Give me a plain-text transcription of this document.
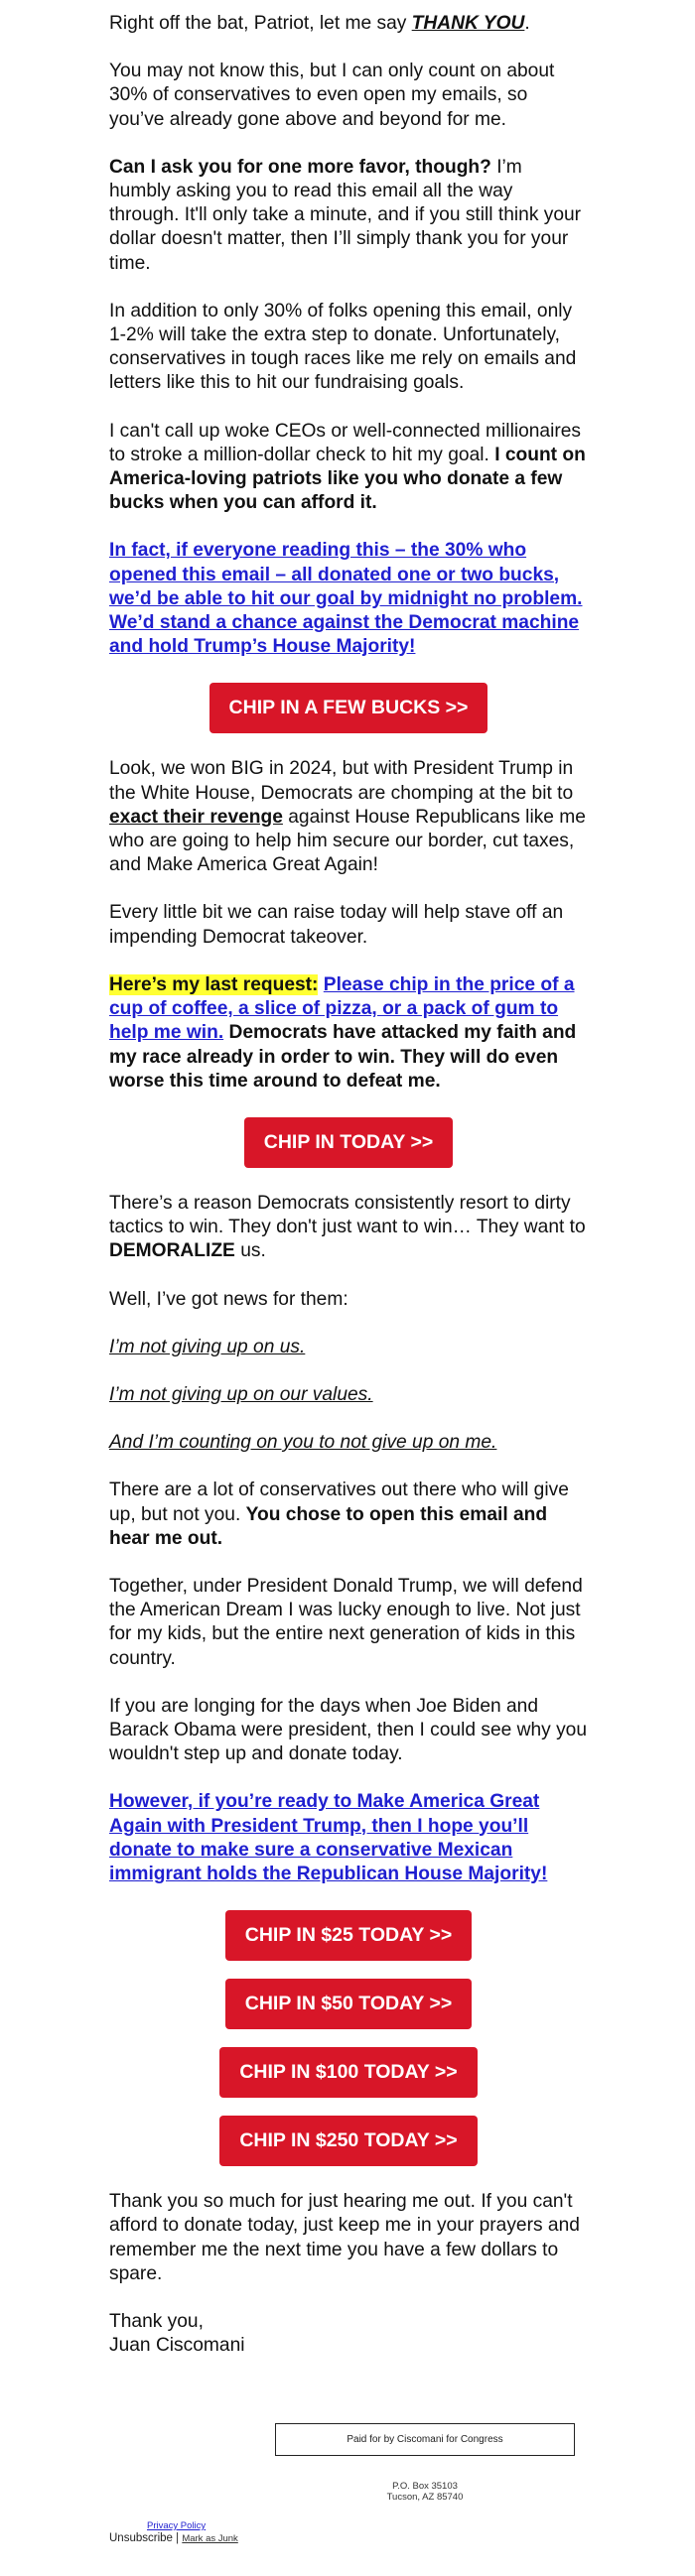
Right off the bat, Patriot, let me say THANK YOU.

You may not know this, but I can only count on about 30% of conservatives to even open my emails, so you’ve already gone above and beyond for me.

Can I ask you for one more favor, though? I’m humbly asking you to read this email all the way through. It'll only take a minute, and if you still think your dollar doesn't matter, then I’ll simply thank you for your time.

In addition to only 30% of folks opening this email, only 1-2% will take the extra step to donate. Unfortunately, conservatives in tough races like me rely on emails and letters like this to hit our fundraising goals.

I can't call up woke CEOs or well-connected millionaires to stroke a million-dollar check to hit my goal. I count on America-loving patriots like you who donate a few bucks when you can afford it.

In fact, if everyone reading this – the 30% who opened this email – all donated one or two bucks, we’d be able to hit our goal by midnight no problem. We’d stand a chance against the Democrat machine and hold Trump’s House Majority!

CHIP IN A FEW BUCKS >>

Look, we won BIG in 2024, but with President Trump in the White House, Democrats are chomping at the bit to exact their revenge against House Republicans like me who are going to help him secure our border, cut taxes, and Make America Great Again!

Every little bit we can raise today will help stave off an impending Democrat takeover.

Here’s my last request: Please chip in the price of a cup of coffee, a slice of pizza, or a pack of gum to help me win. Democrats have attacked my faith and my race already in order to win. They will do even worse this time around to defeat me.

CHIP IN TODAY >>

There’s a reason Democrats consistently resort to dirty tactics to win. They don't just want to win… They want to DEMORALIZE us.

Well, I’ve got news for them:

I’m not giving up on us.

I’m not giving up on our values.

And I’m counting on you to not give up on me.

There are a lot of conservatives out there who will give up, but not you. You chose to open this email and hear me out.

Together, under President Donald Trump, we will defend the American Dream I was lucky enough to live. Not just for my kids, but the entire next generation of kids in this country.

If you are longing for the days when Joe Biden and Barack Obama were president, then I could see why you wouldn't step up and donate today.

However, if you’re ready to Make America Great Again with President Trump, then I hope you’ll donate to make sure a conservative Mexican immigrant holds the Republican House Majority!

CHIP IN $25 TODAY >>
CHIP IN $50 TODAY >>
CHIP IN $100 TODAY >>
CHIP IN $250 TODAY >>

Thank you so much for just hearing me out. If you can't afford to donate today, just keep me in your prayers and remember me the next time you have a few dollars to spare.

Thank you,
Juan Ciscomani

Paid for by Ciscomani for Congress
P.O. Box 35103
Tucson, AZ 85740
Privacy Policy
Unsubscribe | Mark as Junk
